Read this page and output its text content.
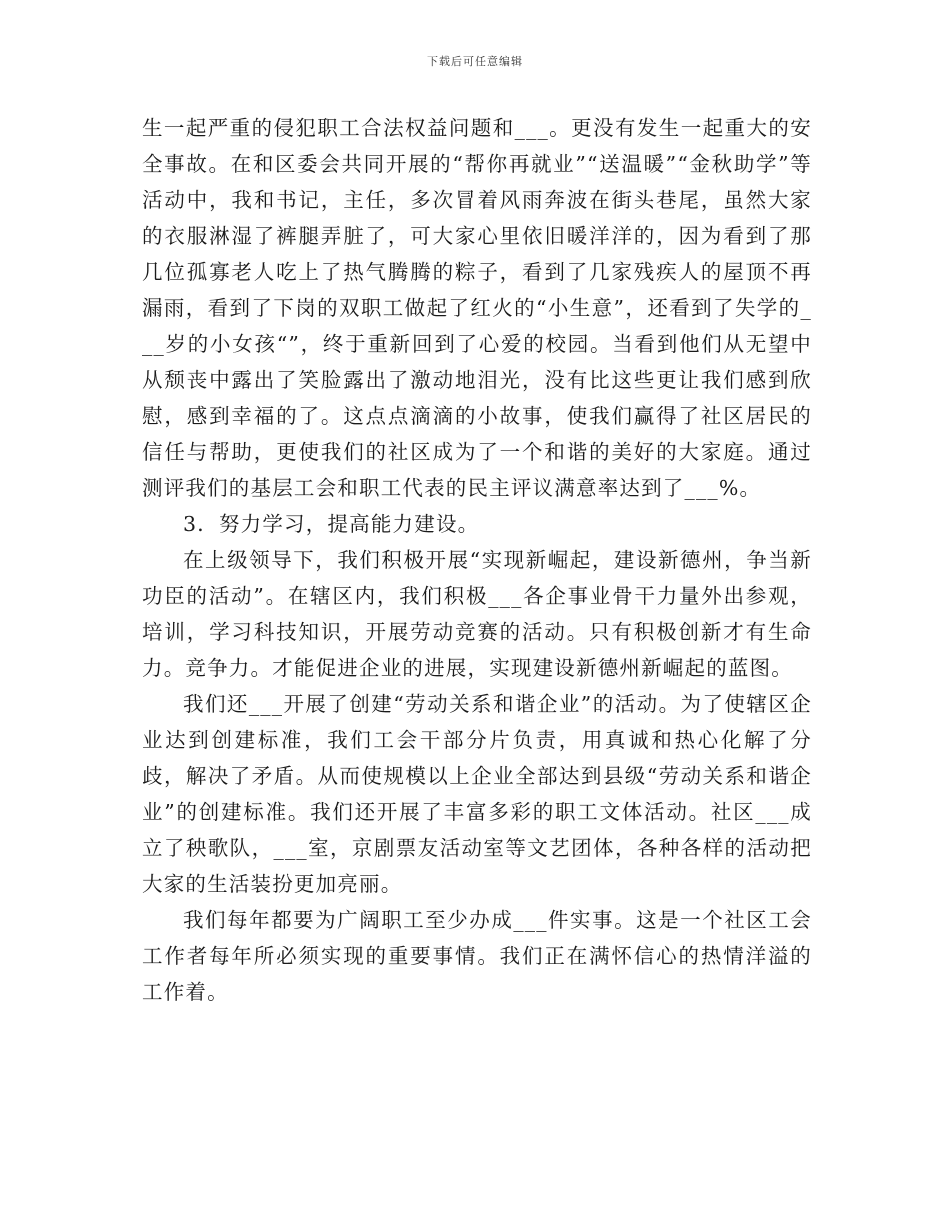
下载后可任意编辑

生一起严重的侵犯职工合法权益问题和___。更没有发生一起重大的安全事故。在和区委会共同开展的“帮你再就业”“送温暖”“金秋助学”等活动中，我和书记，主任，多次冒着风雨奔波在街头巷尾，虽然大家的衣服淋湿了裤腿弄脏了，可大家心里依旧暖洋洋的，因为看到了那几位孤寡老人吃上了热气腾腾的粽子，看到了几家残疾人的屋顶不再漏雨，看到了下岗的双职工做起了红火的“小生意”，还看到了失学的___岁的小女孩“”，终于重新回到了心爱的校园。当看到他们从无望中从颓丧中露出了笑脸露出了激动地泪光，没有比这些更让我们感到欣慰，感到幸福的了。这点点滴滴的小故事，使我们赢得了社区居民的信任与帮助，更使我们的社区成为了一个和谐的美好的大家庭。通过测评我们的基层工会和职工代表的民主评议满意率达到了___%。

3．努力学习，提高能力建设。

在上级领导下，我们积极开展“实现新崛起，建设新德州，争当新功臣的活动”。在辖区内，我们积极___各企事业骨干力量外出参观，培训，学习科技知识，开展劳动竞赛的活动。只有积极创新才有生命力。竞争力。才能促进企业的进展，实现建设新德州新崛起的蓝图。

我们还___开展了创建“劳动关系和谐企业”的活动。为了使辖区企业达到创建标准，我们工会干部分片负责，用真诚和热心化解了分歧，解决了矛盾。从而使规模以上企业全部达到县级“劳动关系和谐企业”的创建标准。我们还开展了丰富多彩的职工文体活动。社区___成立了秧歌队，___室，京剧票友活动室等文艺团体，各种各样的活动把大家的生活装扮更加亮丽。

我们每年都要为广阔职工至少办成___件实事。这是一个社区工会工作者每年所必须实现的重要事情。我们正在满怀信心的热情洋溢的工作着。
